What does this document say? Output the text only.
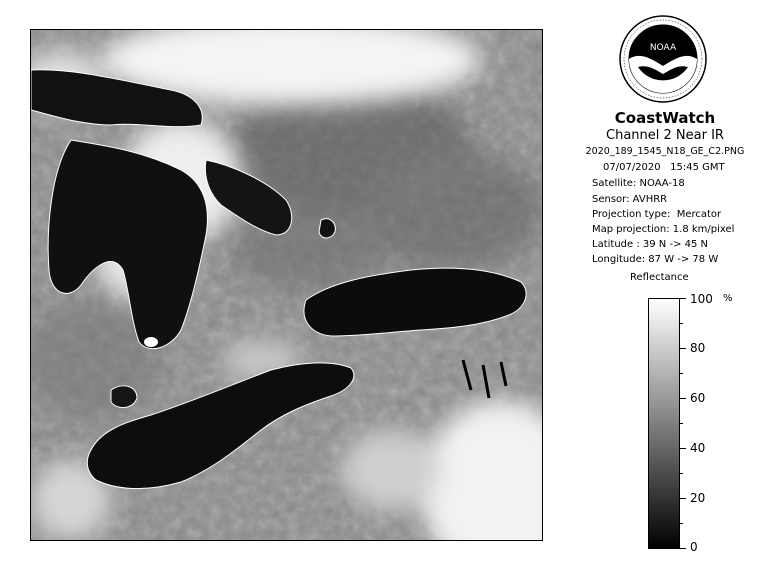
NOAA
CoastWatch
Channel 2 Near IR
2020_189_1545_N18_GE_C2.PNG
07/07/2020   15:45 GMT
Satellite: NOAA-18
Sensor: AVHRR
Projection type: Mercator
Map projection: 1.8 km/pixel
Latitude : 39 N -> 45 N
Longitude: 87 W -> 78 W
Reflectance
%
100
80
60
40
20
0
